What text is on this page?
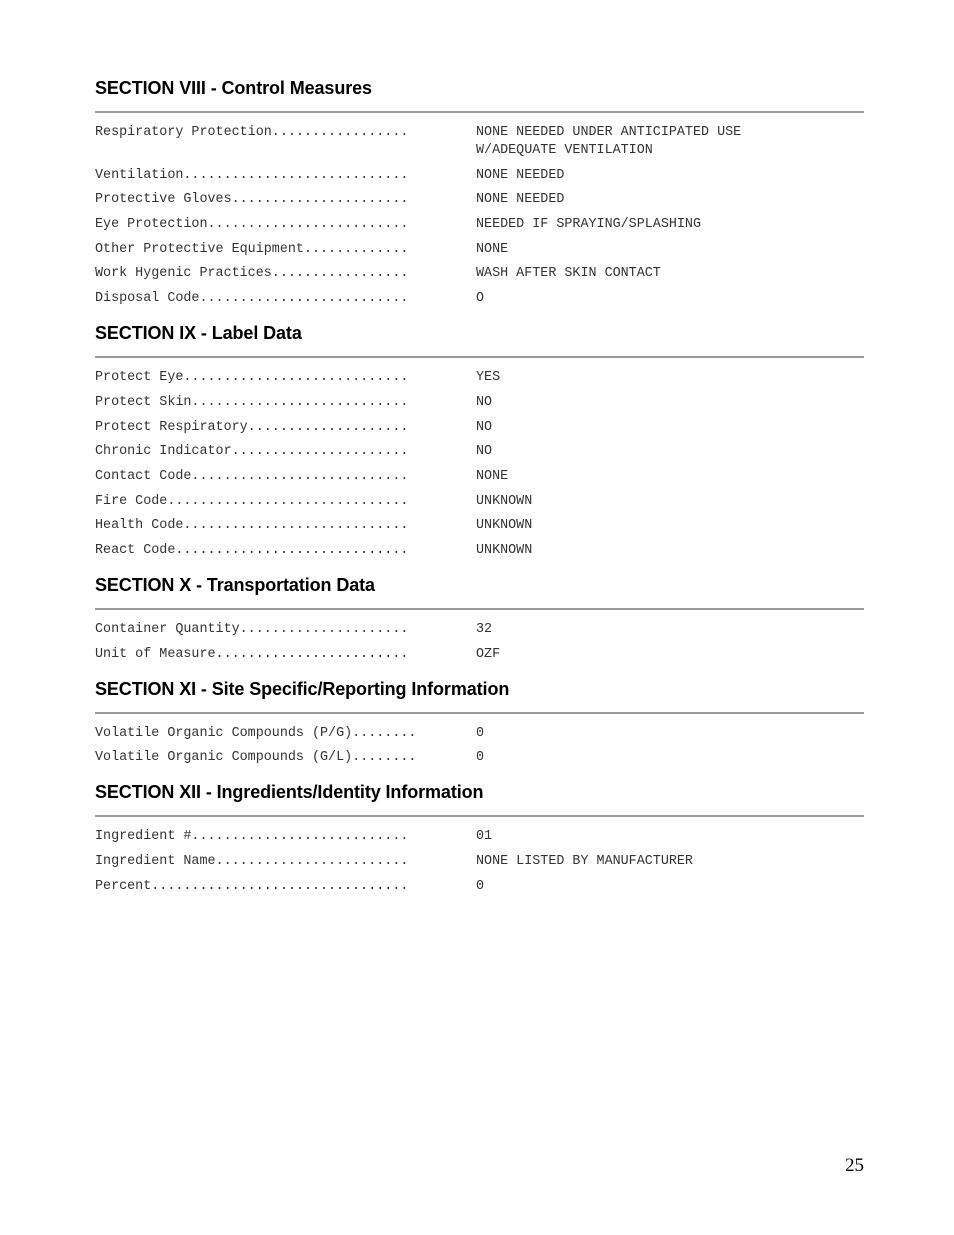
SECTION VIII - Control Measures
Respiratory Protection.................	NONE NEEDED UNDER ANTICIPATED USE
W/ADEQUATE VENTILATION
Ventilation............................	NONE NEEDED
Protective Gloves......................	NONE NEEDED
Eye Protection.........................	NEEDED IF SPRAYING/SPLASHING
Other Protective Equipment.............	NONE
Work Hygenic Practices.................	WASH AFTER SKIN CONTACT
Disposal Code..........................	O
SECTION IX - Label Data
Protect Eye............................	YES
Protect Skin...........................	NO
Protect Respiratory....................	NO
Chronic Indicator......................	NO
Contact Code...........................	NONE
Fire Code..............................	UNKNOWN
Health Code............................	UNKNOWN
React Code.............................	UNKNOWN
SECTION X - Transportation Data
Container Quantity.....................	32
Unit of Measure........................	OZF
SECTION XI - Site Specific/Reporting Information
Volatile Organic Compounds (P/G)........	0
Volatile Organic Compounds (G/L)........	0
SECTION XII - Ingredients/Identity Information
Ingredient #...........................	01
Ingredient Name........................	NONE LISTED BY MANUFACTURER
Percent................................	0
25
